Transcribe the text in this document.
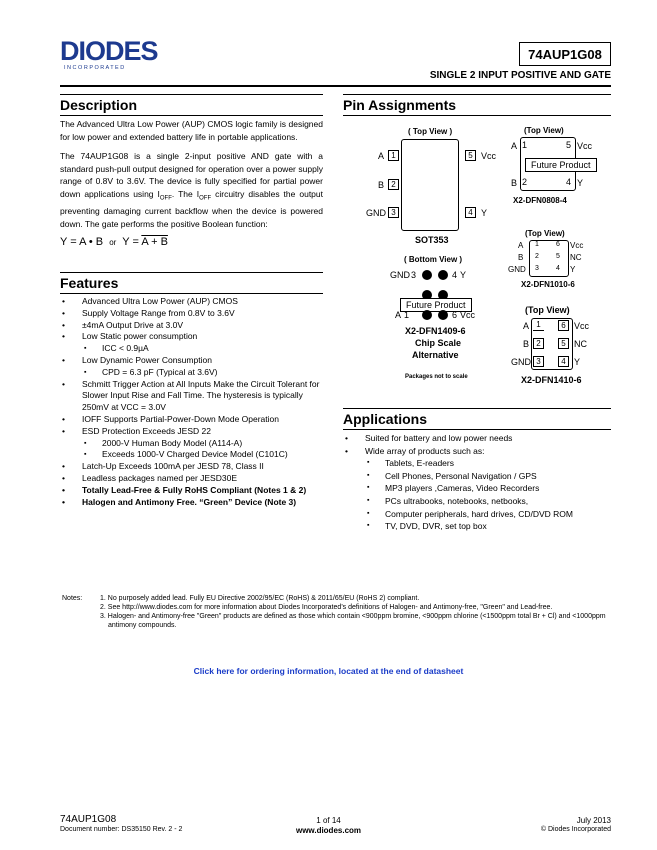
DIODES
I N C O R P O R A T E D
74AUP1G08
SINGLE 2 INPUT POSITIVE AND GATE
Description
The Advanced Ultra Low Power (AUP) CMOS logic family is designed for low power and extended battery life in portable applications.
The 74AUP1G08 is a single 2-input positive AND gate with a standard push-pull output designed for operation over a power supply range of 0.8V to 3.6V. The device is fully specified for partial power down applications using $I_{OFF}$. The $I_{OFF}$ circuitry disables the output preventing damaging current backflow when the device is powered down. The gate performs the positive Boolean function:
Y = A • B  or  Y = A + B
Features
• Advanced Ultra Low Power (AUP) CMOS
• Supply Voltage Range from 0.8V to 3.6V
• ±4mA Output Drive at 3.0V
• Low Static power consumption
▪ ICC < 0.9µA
• Low Dynamic Power Consumption
▪ CPD = 6.3 pF (Typical at 3.6V)
• Schmitt Trigger Action at All Inputs Make the Circuit Tolerant for Slower Input Rise and Fall Time. The hysteresis is typically 250mV at VCC = 3.0V
• IOFF Supports Partial-Power-Down Mode Operation
• ESD Protection Exceeds JESD 22
▪ 2000-V Human Body Model (A114-A)
▪ Exceeds 1000-V Charged Device Model (C101C)
• Latch-Up Exceeds 100mA per JESD 78, Class II
• Leadless packages named per JESD30E
• Totally Lead-Free & Fully RoHS Compliant (Notes 1 & 2)
• Halogen and Antimony Free. “Green” Device (Note 3)
Pin Assignments
( Top View )
A 1
B 2
GND 3
5 Vcc
4 Y
SOT353
(Top View)
A 1	5 Vcc
B 2	4 Y
Future Product
X2-DFN0808-4
(Top View)
A 1 6 Vcc
B 2 5 NC
GND 3 4 Y
X2-DFN1010-6
( Bottom View )
GND 3	4 Y
Future Product
A 1	6 Vcc
X2-DFN1409-6
Chip Scale
Alternative
Packages not to scale
(Top View)
A 1	6 Vcc
B 2	5 NC
GND 3	4 Y
X2-DFN1410-6
Applications
• Suited for battery and low power needs
• Wide array of products such as:
▪ Tablets, E-readers
▪ Cell Phones, Personal Navigation / GPS
▪ MP3 players ,Cameras, Video Recorders
▪ PCs ultrabooks, notebooks, netbooks,
▪ Computer peripherals, hard drives, CD/DVD ROM
▪ TV, DVD, DVR, set top box
Notes:	1. No purposely added lead. Fully EU Directive 2002/95/EC (RoHS) & 2011/65/EU (RoHS 2) compliant.
2. See http://www.diodes.com for more information about Diodes Incorporated’s definitions of Halogen- and Antimony-free, "Green" and Lead-free.
3. Halogen- and Antimony-free "Green" products are defined as those which contain <900ppm bromine, <900ppm chlorine (<1500ppm total Br + Cl) and <1000ppm antimony compounds.
Click here for ordering information, located at the end of datasheet
74AUP1G08
Document number: DS35150 Rev. 2 - 2
1 of 14
www.diodes.com
July 2013
© Diodes Incorporated
